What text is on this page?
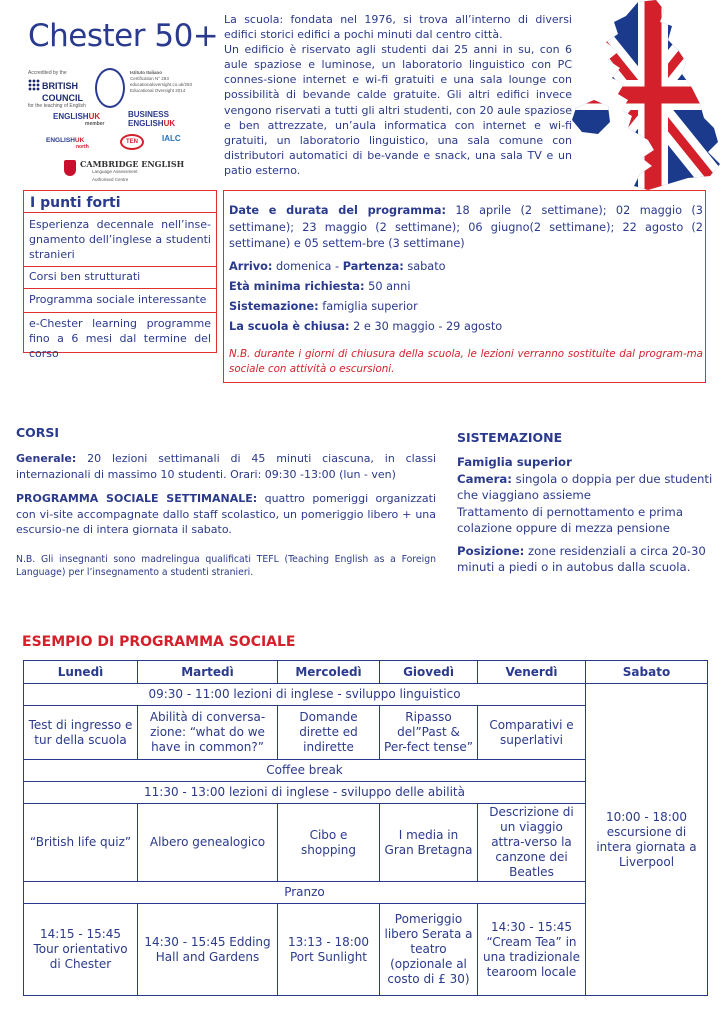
Chester 50+
Accredited by the
BRITISH
COUNCIL
for the teaching of English
Istituto Italiano
Certification N° 283
educationaloversight.co.uk/293
Educational Oversight 2014
ENGLISHUK
member
BUSINESS
ENGLISHUK
ENGLISHUK
north
TEN	IALC
CAMBRIDGE ENGLISH
Language Assessment
Authorised Centre
La scuola: fondata nel 1976, si trova all’interno di diversi edifici storici edifici a pochi minuti dal centro città.
Un edificio è riservato agli studenti dai 25 anni in su, con 6 aule spaziose e luminose, un laboratorio linguistico con PC connes-sione internet e wi-fi gratuiti e una sala lounge con possibilità di bevande calde gratuite. Gli altri edifici invece vengono riservati a tutti gli altri studenti, con 20 aule spaziose e ben attrezzate, un’aula informatica con internet e wi-fi gratuiti, un laboratorio linguistico, una sala comune con distributori automatici di be-vande e snack, una sala TV e un patio esterno.
I punti forti
Esperienza decennale nell’inse-gnamento dell’inglese a studenti stranieri
Corsi ben strutturati
Programma sociale interessante
e-Chester learning programme fino a 6 mesi dal termine del corso
Date e durata del programma: 18 aprile (2 settimane); 02 maggio (3 settimane); 23 maggio (2 settimane); 06 giugno(2 settimane); 22 agosto (2 settimane) e 05 settem-bre (3 settimane)
Arrivo: domenica - Partenza: sabato
Età minima richiesta: 50 anni
Sistemazione: famiglia superior
La scuola è chiusa: 2 e 30 maggio - 29 agosto
N.B. durante i giorni di chiusura della scuola, le lezioni verranno sostituite dal program-ma sociale con attività o escursioni.
CORSI
Generale: 20 lezioni settimanali di 45 minuti ciascuna, in classi internazionali di massimo 10 studenti. Orari: 09:30 -13:00 (lun - ven)
PROGRAMMA SOCIALE SETTIMANALE: quattro pomeriggi organizzati con vi-site accompagnate dallo staff scolastico, un pomeriggio libero + una escursio-ne di intera giornata il sabato.
N.B. Gli insegnanti sono madrelingua qualificati TEFL (Teaching English as a Foreign Language) per l’insegnamento a studenti stranieri.
SISTEMAZIONE
Famiglia superior
Camera: singola o doppia per due studenti che viaggiano assieme
Trattamento di pernottamento e prima colazione oppure di mezza pensione
Posizione: zone residenziali a circa 20-30 minuti a piedi o in autobus dalla scuola.
ESEMPIO DI PROGRAMMA SOCIALE
Lunedì	Martedì	Mercoledì	Giovedì	Venerdì	Sabato
09:30 - 11:00 lezioni di inglese - sviluppo linguistico					10:00 - 18:00 escursione di intera giornata a Liverpool
Test di ingresso e tur della scuola	Abilità di conversa-zione: “what do we have in common?”	Domande dirette ed indirette	Ripasso del”Past & Per-fect tense”	Comparativi e superlativi	
Coffee break					
11:30 - 13:00 lezioni di inglese - sviluppo delle abilità					
“British life quiz”	Albero genealogico	Cibo e shopping	I media in Gran Bretagna	Descrizione di un viaggio attra-verso la canzone dei Beatles	
Pranzo					
14:15 - 15:45 Tour orientativo di Chester	14:30 - 15:45 Edding Hall and Gardens	13:13 - 18:00 Port Sunlight	Pomeriggio libero Serata a teatro (opzionale al costo di £ 30)	14:30 - 15:45 “Cream Tea” in una tradizionale tearoom locale	
